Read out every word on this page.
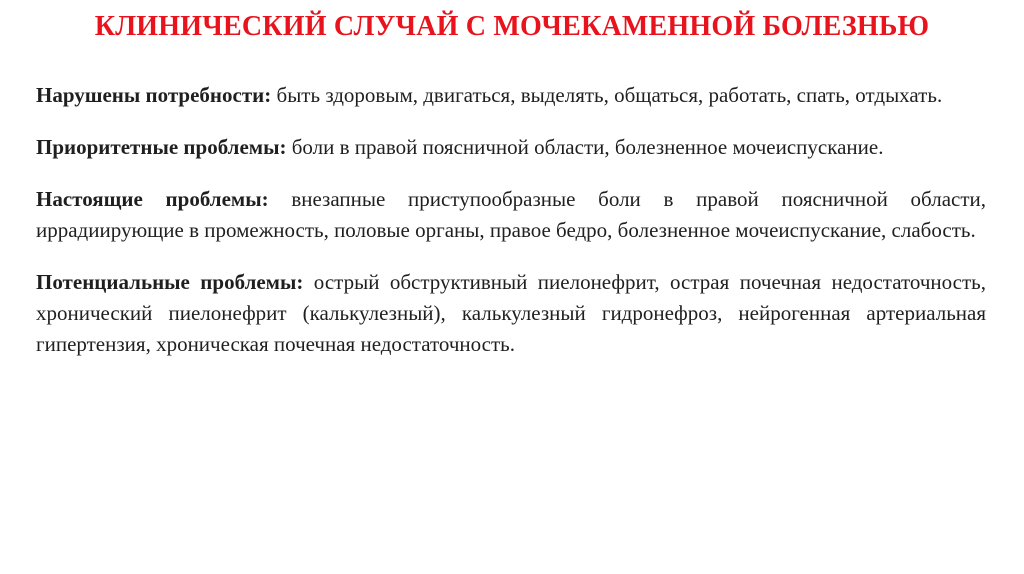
КЛИНИЧЕСКИЙ СЛУЧАЙ С МОЧЕКАМЕННОЙ БОЛЕЗНЬЮ

Нарушены потребности: быть здоровым, двигаться, выделять, общаться, работать, спать, отдыхать.

Приоритетные проблемы: боли в правой поясничной области, болезненное мочеиспускание.

Настоящие проблемы: внезапные приступообразные боли в правой поясничной области, иррадиирующие в промежность, половые органы, правое бедро, болезненное мочеиспускание, слабость.

Потенциальные проблемы: острый обструктивный пиелонефрит, острая почечная недостаточность, хронический пиелонефрит (калькулезный), калькулезный гидронефроз, нейрогенная артериальная гипертензия, хроническая почечная недостаточность.
